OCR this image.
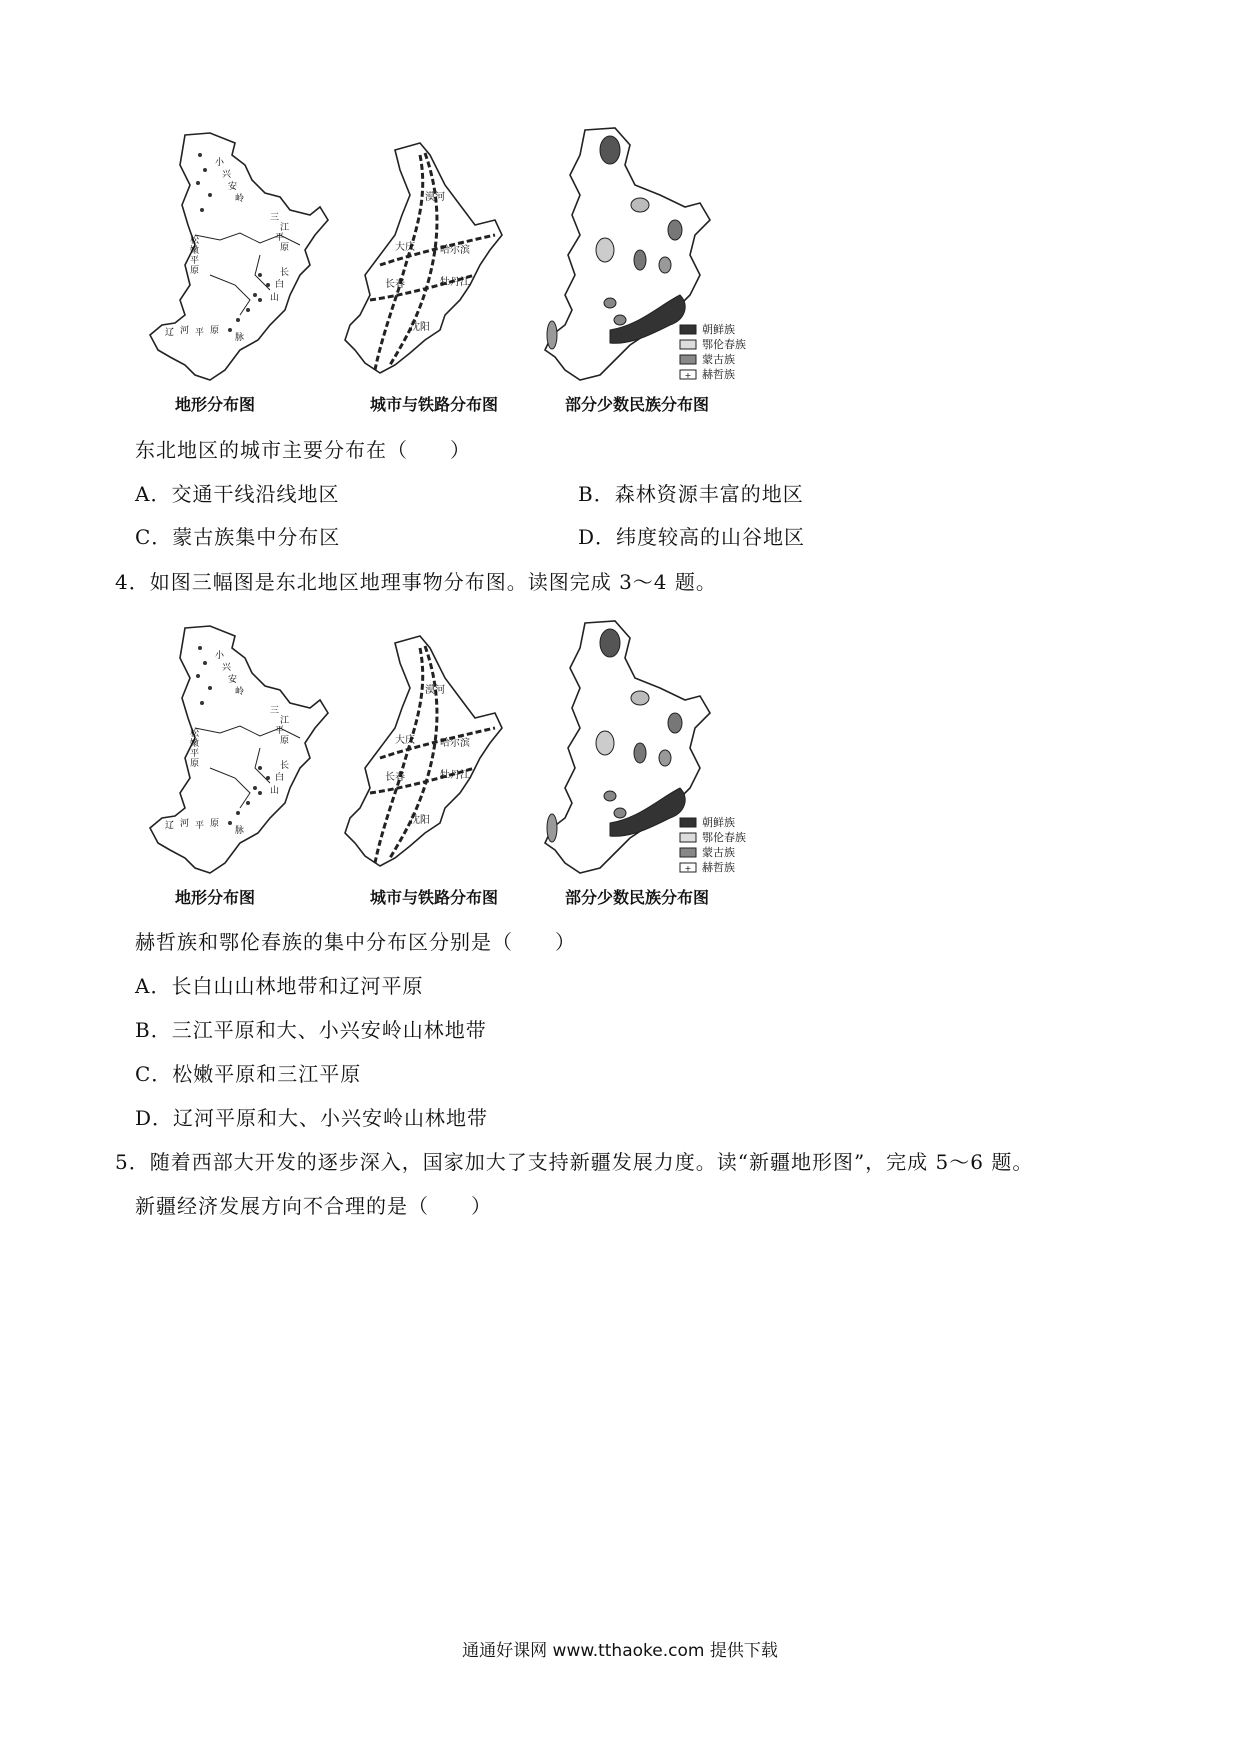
漠河
大庆	哈尔滨
长春	牡丹江
沈阳
+
朝鲜族
鄂伦春族
蒙古族
赫哲族
小
兴
安
岭
松
嫩
平
原
三
江
平
原
长
白
山
辽 河 平 原
脉
地形分布图	城市与铁路分布图	部分少数民族分布图
东北地区的城市主要分布在（　　）
A．交通干线沿线地区	B．森林资源丰富的地区
C．蒙古族集中分布区	D．纬度较高的山谷地区
4．如图三幅图是东北地区地理事物分布图。读图完成 3～4 题。
漠河
大庆	哈尔滨
长春	牡丹江
沈阳
+
朝鲜族
鄂伦春族
蒙古族
赫哲族
小
兴
安
岭
松
嫩
平
原
三
江
平
原
长
白
山
辽 河 平 原
脉
地形分布图	城市与铁路分布图	部分少数民族分布图
赫哲族和鄂伦春族的集中分布区分别是（　　）
A．长白山山林地带和辽河平原
B．三江平原和大、小兴安岭山林地带
C．松嫩平原和三江平原
D．辽河平原和大、小兴安岭山林地带
5．随着西部大开发的逐步深入，国家加大了支持新疆发展力度。读“新疆地形图”，完成 5～6 题。
新疆经济发展方向不合理的是（　　）
通通好课网 www.tthaoke.com 提供下载
